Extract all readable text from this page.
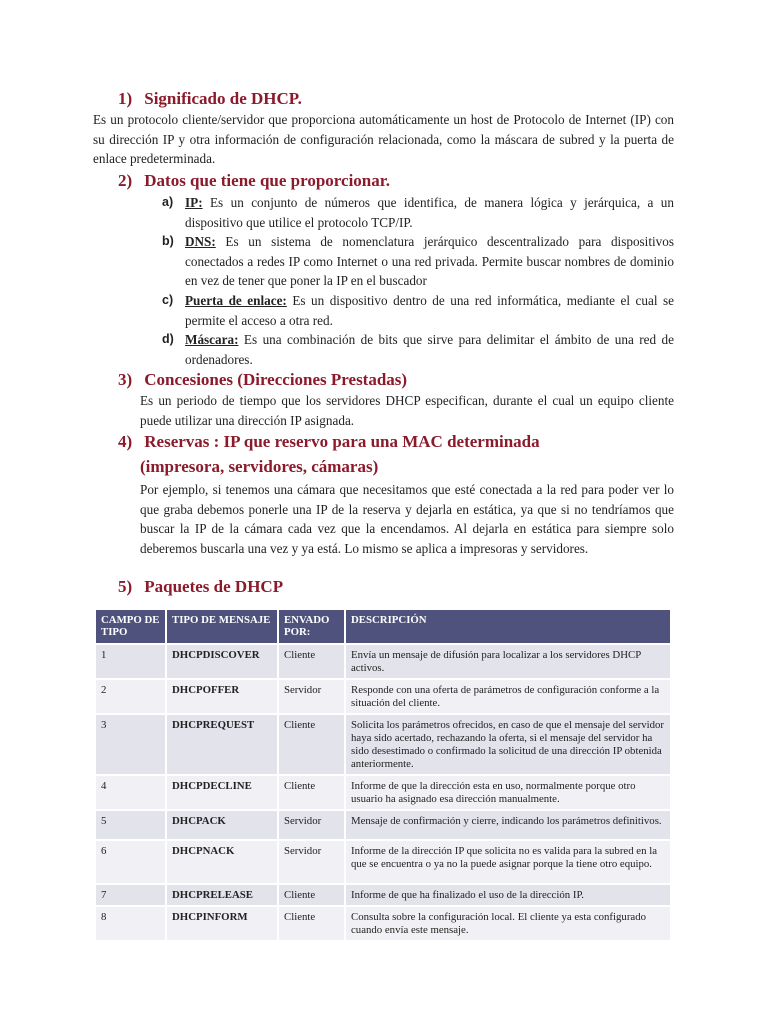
1) Significado de DHCP.
Es un protocolo cliente/servidor que proporciona automáticamente un host de Protocolo de Internet (IP) con su dirección IP y otra información de configuración relacionada, como la máscara de subred y la puerta de enlace predeterminada.
2) Datos que tiene que proporcionar.
a) IP: Es un conjunto de números que identifica, de manera lógica y jerárquica, a un dispositivo que utilice el protocolo TCP/IP.
b) DNS: Es un sistema de nomenclatura jerárquico descentralizado para dispositivos conectados a redes IP como Internet o una red privada. Permite buscar nombres de dominio en vez de tener que poner la IP en el buscador
c) Puerta de enlace: Es un dispositivo dentro de una red informática, mediante el cual se permite el acceso a otra red.
d) Máscara: Es una combinación de bits que sirve para delimitar el ámbito de una red de ordenadores.
3) Concesiones (Direcciones Prestadas)
Es un periodo de tiempo que los servidores DHCP especifican, durante el cual un equipo cliente puede utilizar una dirección IP asignada.
4) Reservas : IP que reservo para una MAC determinada
(impresora, servidores, cámaras)
Por ejemplo, si tenemos una cámara que necesitamos que esté conectada a la red para poder ver lo que graba debemos ponerle una IP de la reserva y dejarla en estática, ya que si no tendríamos que buscar la IP de la cámara cada vez que la encendamos. Al dejarla en estática para siempre solo deberemos buscarla una vez y ya está. Lo mismo se aplica a impresoras y servidores.
5) Paquetes de DHCP
CAMPO DE TIPO	TIPO DE MENSAJE	ENVADO POR:	DESCRIPCIÓN
1	DHCPDISCOVER	Cliente	Envía un mensaje de difusión para localizar a los servidores DHCP activos.
2	DHCPOFFER	Servidor	Responde con una oferta de parámetros de configuración conforme a la situación del cliente.
3	DHCPREQUEST	Cliente	Solicita los parámetros ofrecidos, en caso de que el mensaje del servidor haya sido acertado, rechazando la oferta, si el mensaje del servidor ha sido desestimado o confirmado la solicitud de una dirección IP obtenida anteriormente.
4	DHCPDECLINE	Cliente	Informe de que la dirección esta en uso, normalmente porque otro usuario ha asignado esa dirección manualmente.
5	DHCPACK	Servidor	Mensaje de confirmación y cierre, indicando los parámetros definitivos.
6	DHCPNACK	Servidor	Informe de la dirección IP que solicita no es valida para la subred en la que se encuentra o ya no la puede asignar porque la tiene otro equipo.
7	DHCPRELEASE	Cliente	Informe de que ha finalizado el uso de la dirección IP.
8	DHCPINFORM	Cliente	Consulta sobre la configuración local. El cliente ya esta configurado cuando envía este mensaje.
